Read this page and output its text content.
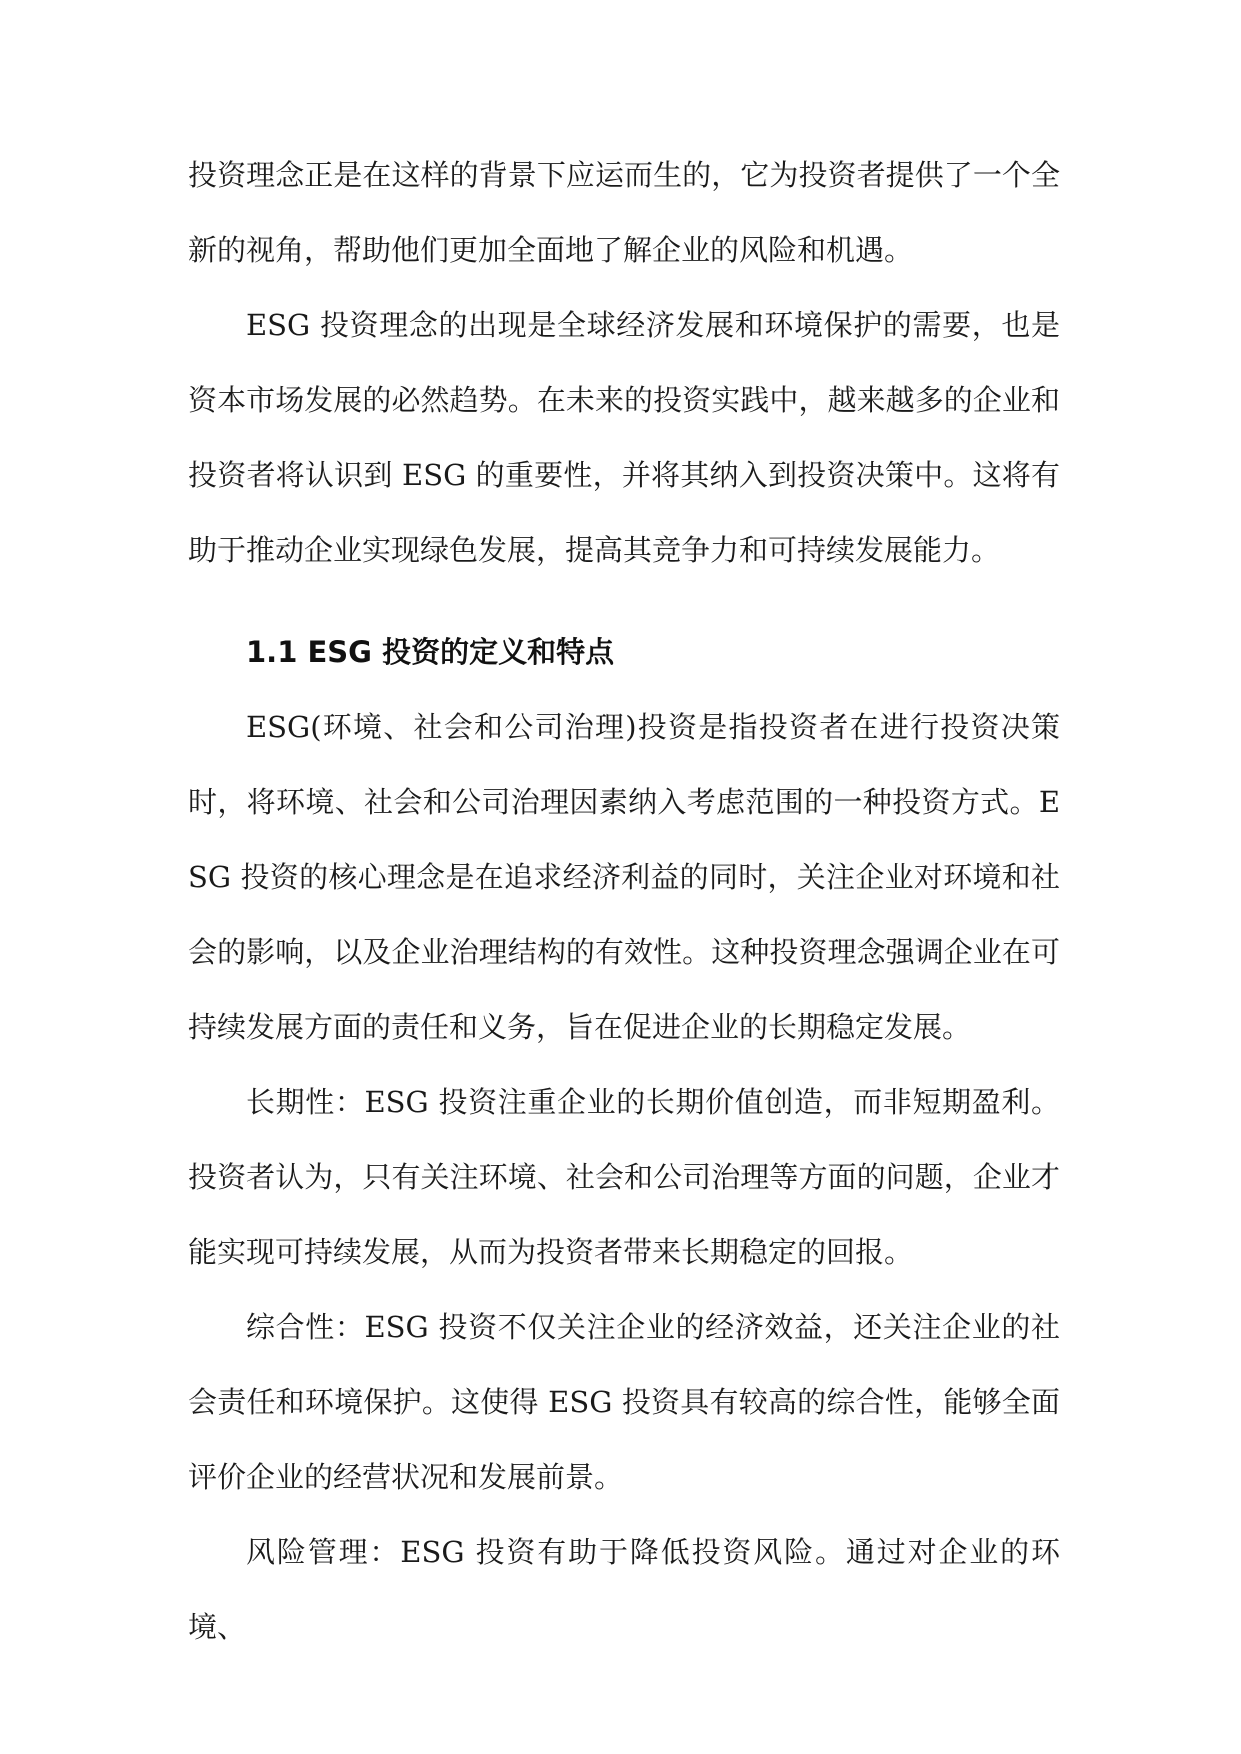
投资理念正是在这样的背景下应运而生的，它为投资者提供了一个全新的视角，帮助他们更加全面地了解企业的风险和机遇。

ESG 投资理念的出现是全球经济发展和环境保护的需要，也是资本市场发展的必然趋势。在未来的投资实践中，越来越多的企业和投资者将认识到 ESG 的重要性，并将其纳入到投资决策中。这将有助于推动企业实现绿色发展，提高其竞争力和可持续发展能力。

1.1 ESG 投资的定义和特点

ESG(环境、社会和公司治理)投资是指投资者在进行投资决策时，将环境、社会和公司治理因素纳入考虑范围的一种投资方式。ESG 投资的核心理念是在追求经济利益的同时，关注企业对环境和社会的影响，以及企业治理结构的有效性。这种投资理念强调企业在可持续发展方面的责任和义务，旨在促进企业的长期稳定发展。

长期性：ESG 投资注重企业的长期价值创造，而非短期盈利。投资者认为，只有关注环境、社会和公司治理等方面的问题，企业才能实现可持续发展，从而为投资者带来长期稳定的回报。

综合性：ESG 投资不仅关注企业的经济效益，还关注企业的社会责任和环境保护。这使得 ESG 投资具有较高的综合性，能够全面评价企业的经营状况和发展前景。

风险管理：ESG 投资有助于降低投资风险。通过对企业的环境、
